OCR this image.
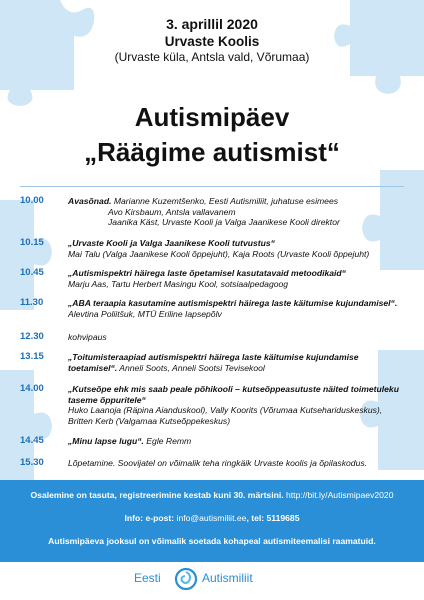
3. aprillil 2020
Urvaste Koolis
(Urvaste küla, Antsla vald, Võrumaa)
Autismipäev
„Räägime autismist“
10.00	Avasõnad. Marianne Kuzemtšenko, Eesti Autismiliit, juhatuse esimees
Avo Kirsbaum, Antsla vallavanem
Jaanika Käst, Urvaste Kooli ja Valga Jaanikese Kooli direktor
10.15	„Urvaste Kooli ja Valga Jaanikese Kooli tutvustus“
Mai Talu (Valga Jaanikese Kooli õppejuht), Kaja Roots (Urvaste Kooli õppejuht)
10.45	„Autismispektri häirega laste õpetamisel kasutatavaid metoodikaid“
Marju Aas, Tartu Herbert Masingu Kool, sotsiaalpedagoog
11.30	„ABA teraapia kasutamine autismispektri häirega laste käitumise kujundamisel“. Alevtina Poliitšuk, MTÜ Eriline Iapsepõlv
12.30	kohvipaus
13.15	„Toitumisteraapiad autismispektri häirega laste käitumise kujundamise toetamisel“. Anneli Soots, Anneli Sootsi Tevisekool
14.00	„Kutseõpe ehk mis saab peale põhikooli – kutseõppeasutuste näited toimetuleku taseme õppuritele“
Huko Laanoja (Räpina Aianduskool), Vally Koorits (Võrumaa Kutsehariduskeskus),
Britten Kerb (Valgamaa Kutseõppekeskus)
14.45	„Minu lapse lugu“. Egle Remm
15.30	Lõpetamine. Soovijatel on võimalik teha ringkäik Urvaste koolis ja õpilaskodus.
Osalemine on tasuta, registreerimine kestab kuni 30. märtsini. http://bit.ly/Autismipaev2020
Info: e-post: info@autismiliit.ee, tel: 5119685
Autismipäeva jooksul on võimalik soetada kohapeal autismiteemalisi raamatuid.
Eesti	Autismiliit
